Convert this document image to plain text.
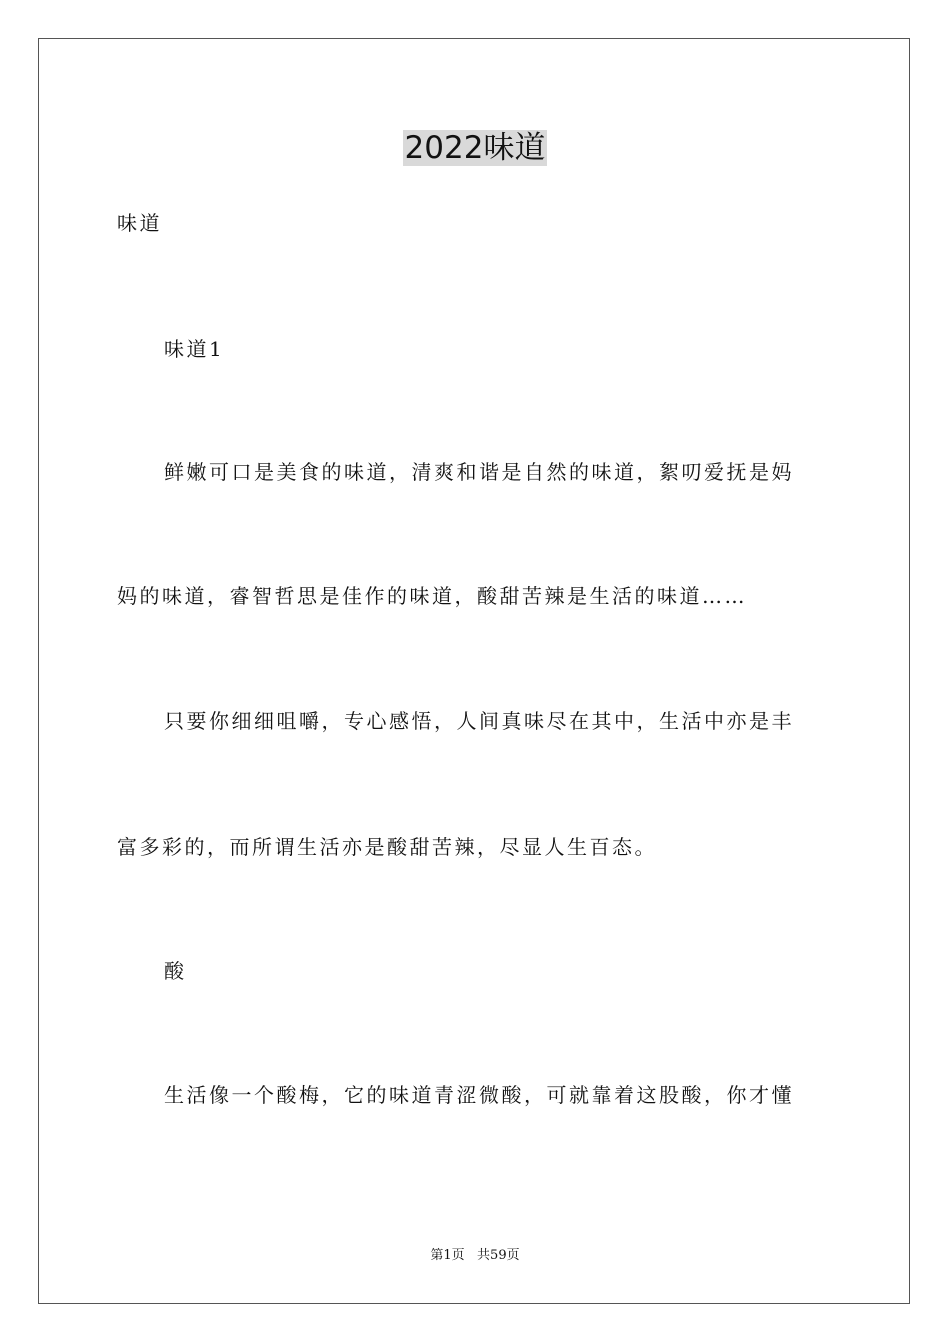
2022味道

味道

味道1

鲜嫩可口是美食的味道，清爽和谐是自然的味道，絮叨爱抚是妈

妈的味道，睿智哲思是佳作的味道，酸甜苦辣是生活的味道……

只要你细细咀嚼，专心感悟，人间真味尽在其中，生活中亦是丰

富多彩的，而所谓生活亦是酸甜苦辣，尽显人生百态。

酸

生活像一个酸梅，它的味道青涩微酸，可就靠着这股酸，你才懂

第1页   共59页
